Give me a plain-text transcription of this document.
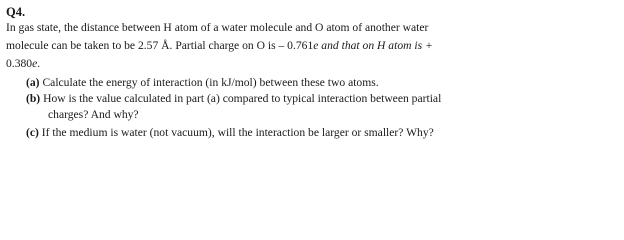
Q4.
In gas state, the distance between H atom of a water molecule and O atom of another water
molecule can be taken to be 2.57 Å. Partial charge on O is – 0.761e and that on H atom is +
0.380e.
(a) Calculate the energy of interaction (in kJ/mol) between these two atoms.
(b) How is the value calculated in part (a) compared to typical interaction between partial
charges? And why?
(c) If the medium is water (not vacuum), will the interaction be larger or smaller? Why?
